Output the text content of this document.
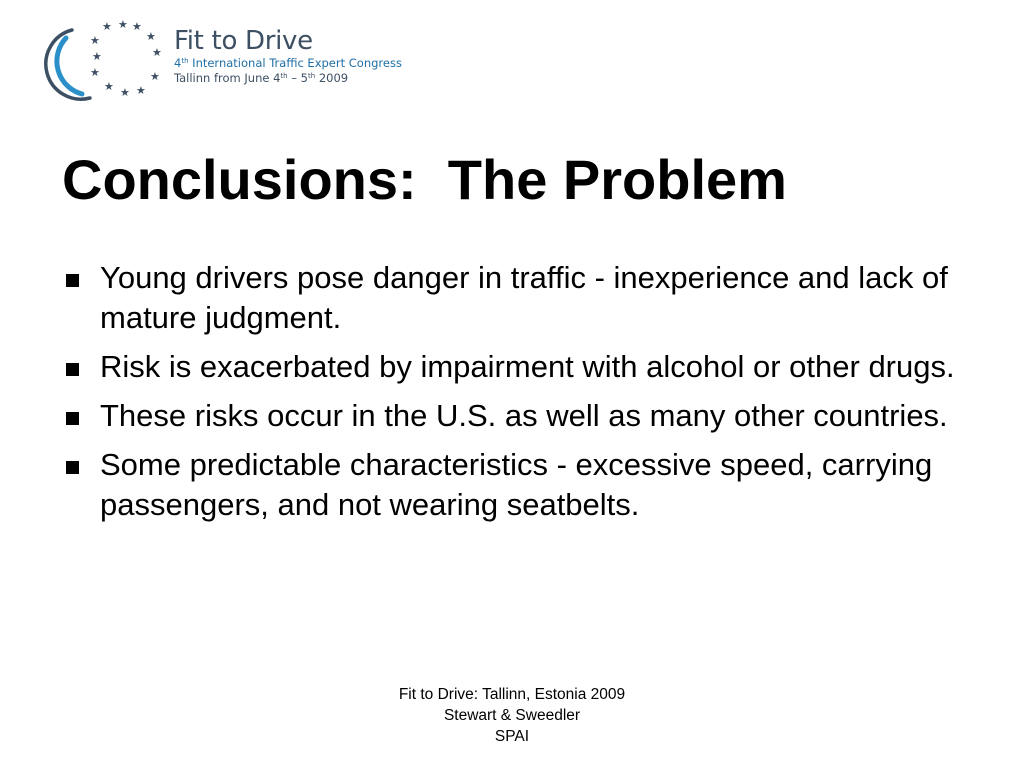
★ ★ ★
★
★
★
★
★
★ ★ ★
★
Fit to Drive
4th International Traffic Expert Congress
Tallinn from June 4th – 5th 2009
Conclusions:  The Problem
Young drivers pose danger in traffic - inexperience and lack of mature judgment.
Risk is exacerbated by impairment with alcohol or other drugs.
These risks occur in the U.S. as well as many other countries.
Some predictable characteristics - excessive speed, carrying passengers, and not wearing seatbelts.
Fit to Drive: Tallinn, Estonia 2009
Stewart & Sweedler
SPAI
